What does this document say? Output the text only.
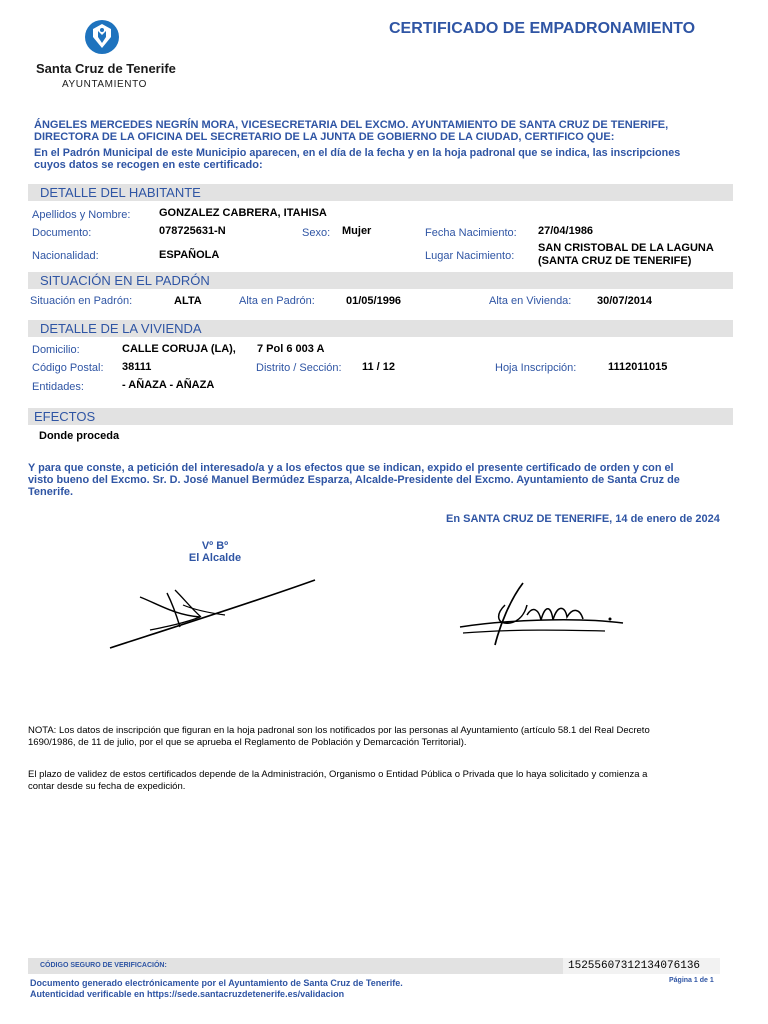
Santa Cruz de Tenerife
AYUNTAMIENTO
CERTIFICADO DE EMPADRONAMIENTO
ÁNGELES MERCEDES NEGRÍN MORA, VICESECRETARIA DEL EXCMO. AYUNTAMIENTO DE SANTA CRUZ DE TENERIFE,
DIRECTORA DE LA OFICINA DEL SECRETARIO DE LA JUNTA DE GOBIERNO DE LA CIUDAD, CERTIFICO QUE:
En el Padrón Municipal de este Municipio aparecen, en el día de la fecha y en la hoja padronal que se indica, las inscripciones
cuyos datos se recogen en este certificado:
DETALLE DEL HABITANTE
Apellidos y Nombre:	GONZALEZ CABRERA, ITAHISA
Documento:	078725631-N	Sexo: Mujer	Fecha Nacimiento: 27/04/1986
Nacionalidad:	ESPAÑOLA	Lugar Nacimiento:
SAN CRISTOBAL DE LA LAGUNA
(SANTA CRUZ DE TENERIFE)
SITUACIÓN EN EL PADRÓN
Situación en Padrón:	ALTA	Alta en Padrón:	01/05/1996	Alta en Vivienda: 30/07/2014
DETALLE DE LA VIVIENDA
Domicilio:	CALLE CORUJA (LA), 7 Pol 6 003 A
Código Postal: 38111	Distrito / Sección: 11 / 12	Hoja Inscripción:	1112011015
Entidades:	- AÑAZA - AÑAZA
EFECTOS
Donde proceda
Y para que conste, a petición del interesado/a y a los efectos que se indican, expido el presente certificado de orden y con el
visto bueno del Excmo. Sr. D. José Manuel Bermúdez Esparza, Alcalde-Presidente del Excmo. Ayuntamiento de Santa Cruz de
Tenerife.
En SANTA CRUZ DE TENERIFE, 14 de enero de 2024
Vº Bº
El Alcalde
NOTA: Los datos de inscripción que figuran en la hoja padronal son los notificados por las personas al Ayuntamiento (artículo 58.1 del Real Decreto
1690/1986, de 11 de julio, por el que se aprueba el Reglamento de Población y Demarcación Territorial).
El plazo de validez de estos certificados depende de la Administración, Organismo o Entidad Pública o Privada que lo haya solicitado y comienza a
contar desde su fecha de expedición.
CÓDIGO SEGURO DE VERIFICACIÓN:	15255607312134076136
Documento generado electrónicamente por el Ayuntamiento de Santa Cruz de Tenerife.
Autenticidad verificable en https://sede.santacruzdetenerife.es/validacion
Página 1 de 1
